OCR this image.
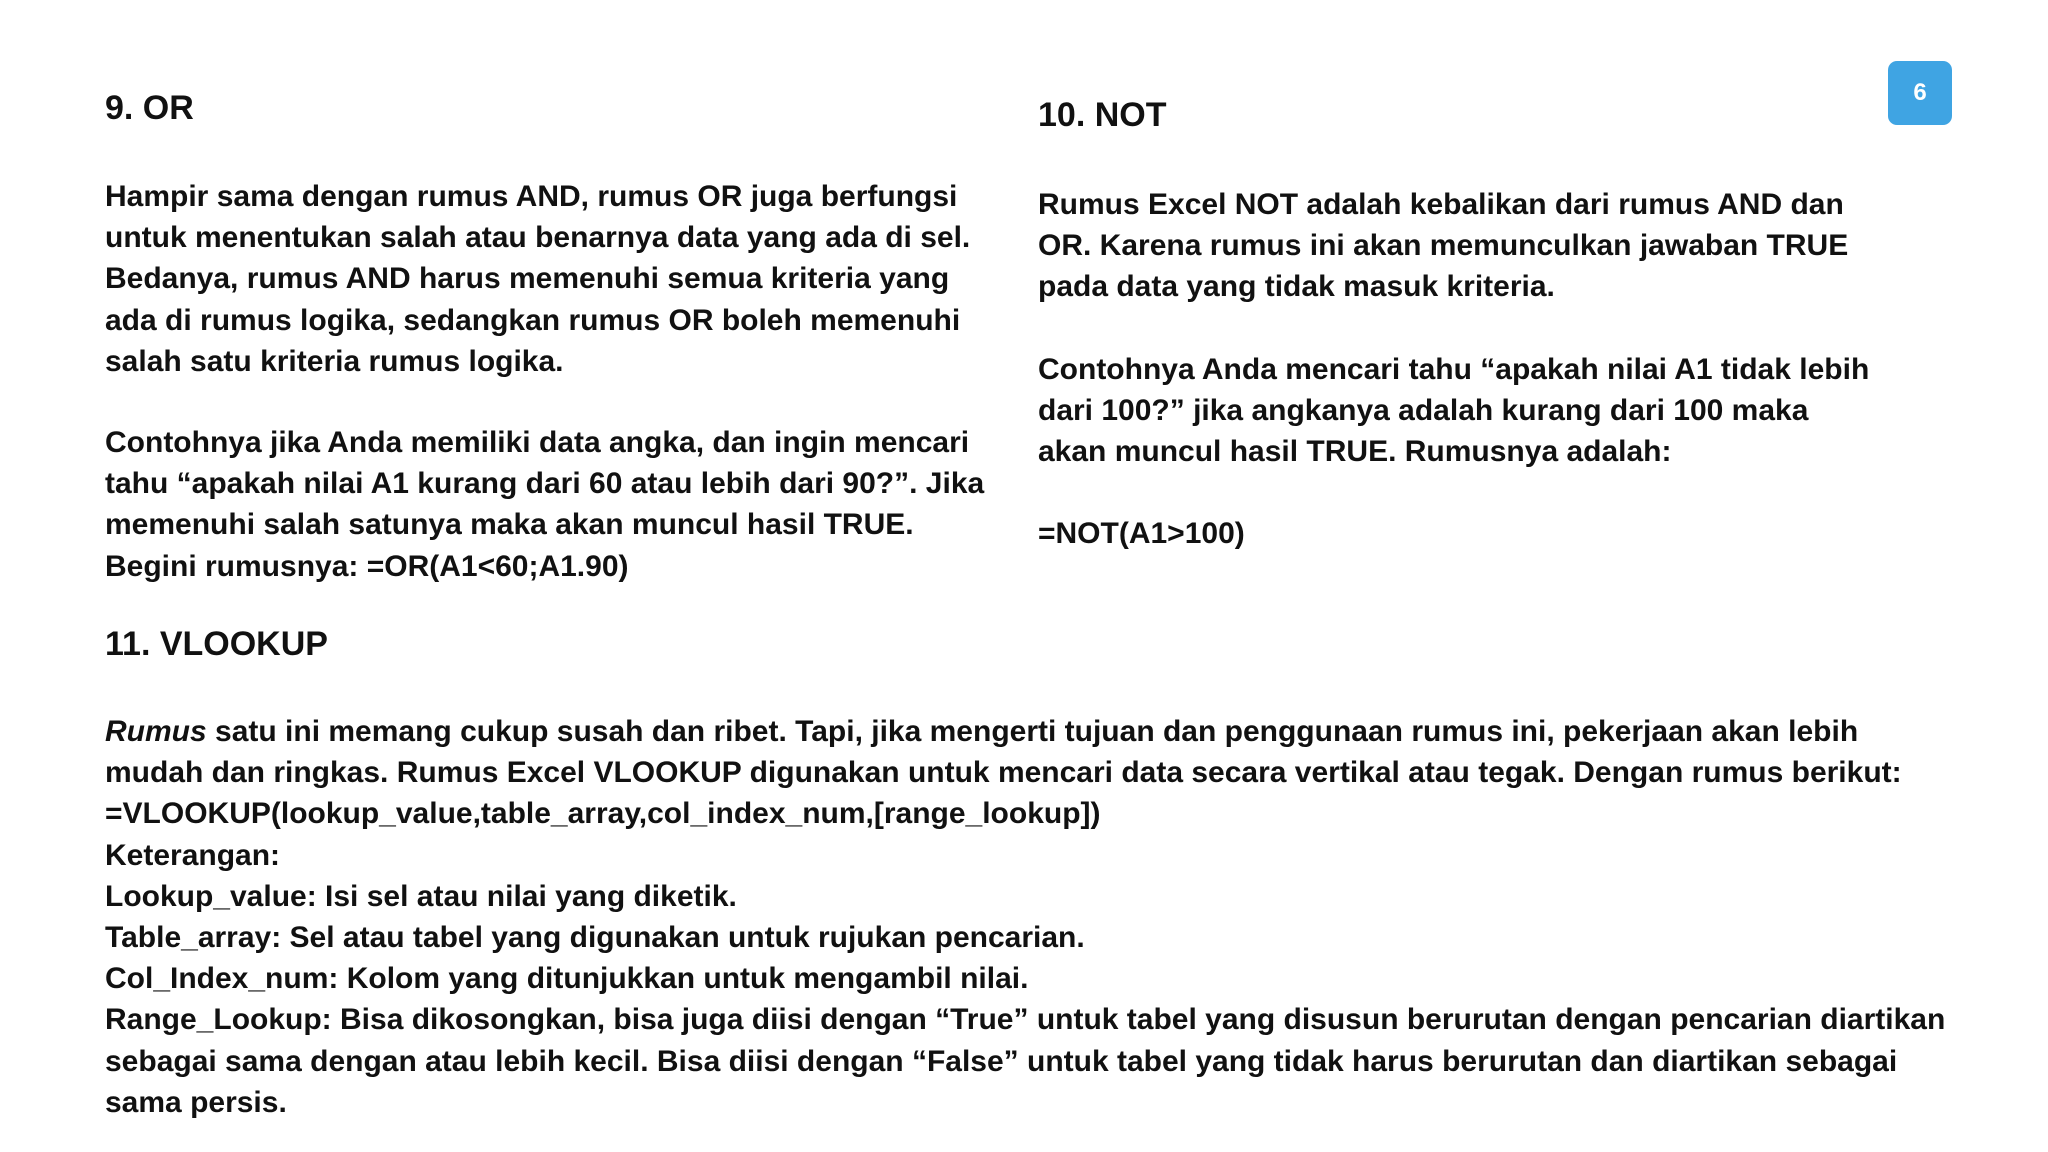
6
9. OR
Hampir sama dengan rumus AND, rumus OR juga berfungsi
untuk menentukan salah atau benarnya data yang ada di sel.
Bedanya, rumus AND harus memenuhi semua kriteria yang
ada di rumus logika, sedangkan rumus OR boleh memenuhi
salah satu kriteria rumus logika.
Contohnya jika Anda memiliki data angka, dan ingin mencari
tahu “apakah nilai A1 kurang dari 60 atau lebih dari 90?”. Jika
memenuhi salah satunya maka akan muncul hasil TRUE.
Begini rumusnya: =OR(A1<60;A1.90)
10. NOT
Rumus Excel NOT adalah kebalikan dari rumus AND dan
OR. Karena rumus ini akan memunculkan jawaban TRUE
pada data yang tidak masuk kriteria.
Contohnya Anda mencari tahu “apakah nilai A1 tidak lebih
dari 100?” jika angkanya adalah kurang dari 100 maka
akan muncul hasil TRUE. Rumusnya adalah:
=NOT(A1>100)
11. VLOOKUP
Rumus satu ini memang cukup susah dan ribet. Tapi, jika mengerti tujuan dan penggunaan rumus ini, pekerjaan akan lebih
mudah dan ringkas. Rumus Excel VLOOKUP digunakan untuk mencari data secara vertikal atau tegak. Dengan rumus berikut:
=VLOOKUP(lookup_value,table_array,col_index_num,[range_lookup])
Keterangan:
Lookup_value: Isi sel atau nilai yang diketik.
Table_array: Sel atau tabel yang digunakan untuk rujukan pencarian.
Col_Index_num: Kolom yang ditunjukkan untuk mengambil nilai.
Range_Lookup: Bisa dikosongkan, bisa juga diisi dengan “True” untuk tabel yang disusun berurutan dengan pencarian diartikan
sebagai sama dengan atau lebih kecil. Bisa diisi dengan “False” untuk tabel yang tidak harus berurutan dan diartikan sebagai
sama persis.
